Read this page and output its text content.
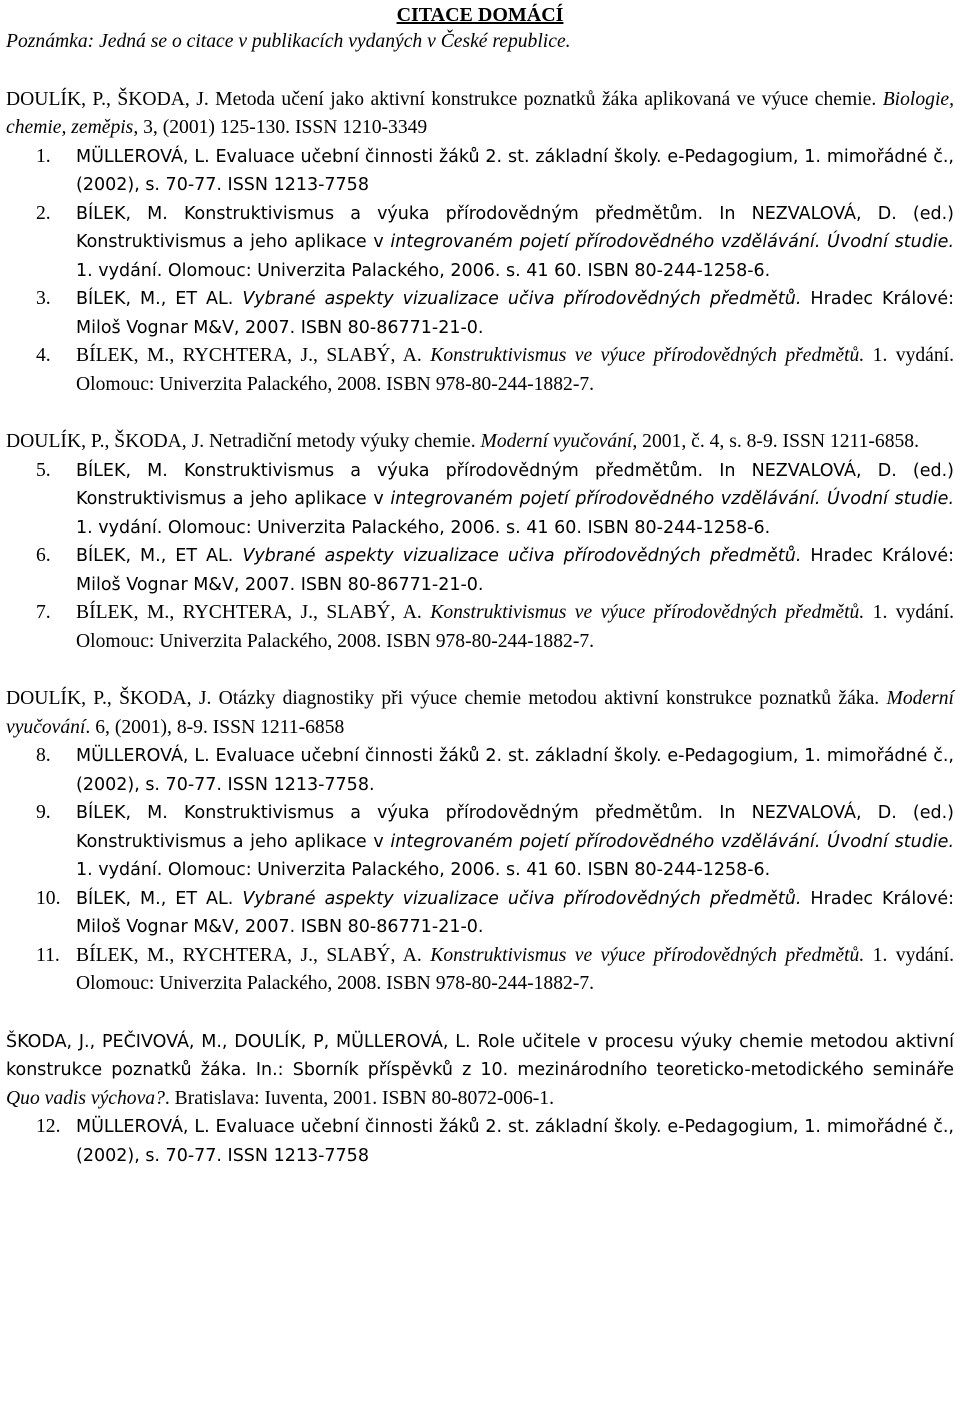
CITACE DOMÁCÍ

Poznámka: Jedná se o citace v publikacích vydaných v České republice.

DOULÍK, P., ŠKODA, J. Metoda učení jako aktivní konstrukce poznatků žáka aplikovaná ve výuce chemie. Biologie, chemie, zeměpis, 3, (2001) 125-130. ISSN 1210-3349

1. MÜLLEROVÁ, L. Evaluace učební činnosti žáků 2. st. základní školy. e-Pedagogium, 1. mimořádné č., (2002), s. 70-77. ISSN 1213-7758
2. BÍLEK, M. Konstruktivismus a výuka přírodovědným předmětům. In NEZVALOVÁ, D. (ed.) Konstruktivismus a jeho aplikace v integrovaném pojetí přírodovědného vzdělávání. Úvodní studie. 1. vydání. Olomouc: Univerzita Palackého, 2006. s. 41 60. ISBN 80-244-1258-6.
3. BÍLEK, M., ET AL. Vybrané aspekty vizualizace učiva přírodovědných předmětů. Hradec Králové: Miloš Vognar M&V, 2007. ISBN 80-86771-21-0.
4. BÍLEK, M., RYCHTERA, J., SLABÝ, A. Konstruktivismus ve výuce přírodovědných předmětů. 1. vydání. Olomouc: Univerzita Palackého, 2008. ISBN 978-80-244-1882-7.

DOULÍK, P., ŠKODA, J. Netradiční metody výuky chemie. Moderní vyučování, 2001, č. 4, s. 8-9. ISSN 1211-6858.

5. BÍLEK, M. Konstruktivismus a výuka přírodovědným předmětům. In NEZVALOVÁ, D. (ed.) Konstruktivismus a jeho aplikace v integrovaném pojetí přírodovědného vzdělávání. Úvodní studie. 1. vydání. Olomouc: Univerzita Palackého, 2006. s. 41 60. ISBN 80-244-1258-6.
6. BÍLEK, M., ET AL. Vybrané aspekty vizualizace učiva přírodovědných předmětů. Hradec Králové: Miloš Vognar M&V, 2007. ISBN 80-86771-21-0.
7. BÍLEK, M., RYCHTERA, J., SLABÝ, A. Konstruktivismus ve výuce přírodovědných předmětů. 1. vydání. Olomouc: Univerzita Palackého, 2008. ISBN 978-80-244-1882-7.

DOULÍK, P., ŠKODA, J. Otázky diagnostiky při výuce chemie metodou aktivní konstrukce poznatků žáka. Moderní vyučování. 6, (2001), 8-9. ISSN 1211-6858

8. MÜLLEROVÁ, L. Evaluace učební činnosti žáků 2. st. základní školy. e-Pedagogium, 1. mimořádné č., (2002), s. 70-77. ISSN 1213-7758.
9. BÍLEK, M. Konstruktivismus a výuka přírodovědným předmětům. In NEZVALOVÁ, D. (ed.) Konstruktivismus a jeho aplikace v integrovaném pojetí přírodovědného vzdělávání. Úvodní studie. 1. vydání. Olomouc: Univerzita Palackého, 2006. s. 41 60. ISBN 80-244-1258-6.
10. BÍLEK, M., ET AL. Vybrané aspekty vizualizace učiva přírodovědných předmětů. Hradec Králové: Miloš Vognar M&V, 2007. ISBN 80-86771-21-0.
11. BÍLEK, M., RYCHTERA, J., SLABÝ, A. Konstruktivismus ve výuce přírodovědných předmětů. 1. vydání. Olomouc: Univerzita Palackého, 2008. ISBN 978-80-244-1882-7.

ŠKODA, J., PEČIVOVÁ, M., DOULÍK, P, MÜLLEROVÁ, L. Role učitele v procesu výuky chemie metodou aktivní konstrukce poznatků žáka. In.: Sborník příspěvků z 10. mezinárodního teoreticko-metodického semináře Quo vadis výchova?. Bratislava: Iuventa, 2001. ISBN 80-8072-006-1.

12. MÜLLEROVÁ, L. Evaluace učební činnosti žáků 2. st. základní školy. e-Pedagogium, 1. mimořádné č., (2002), s. 70-77. ISSN 1213-7758
